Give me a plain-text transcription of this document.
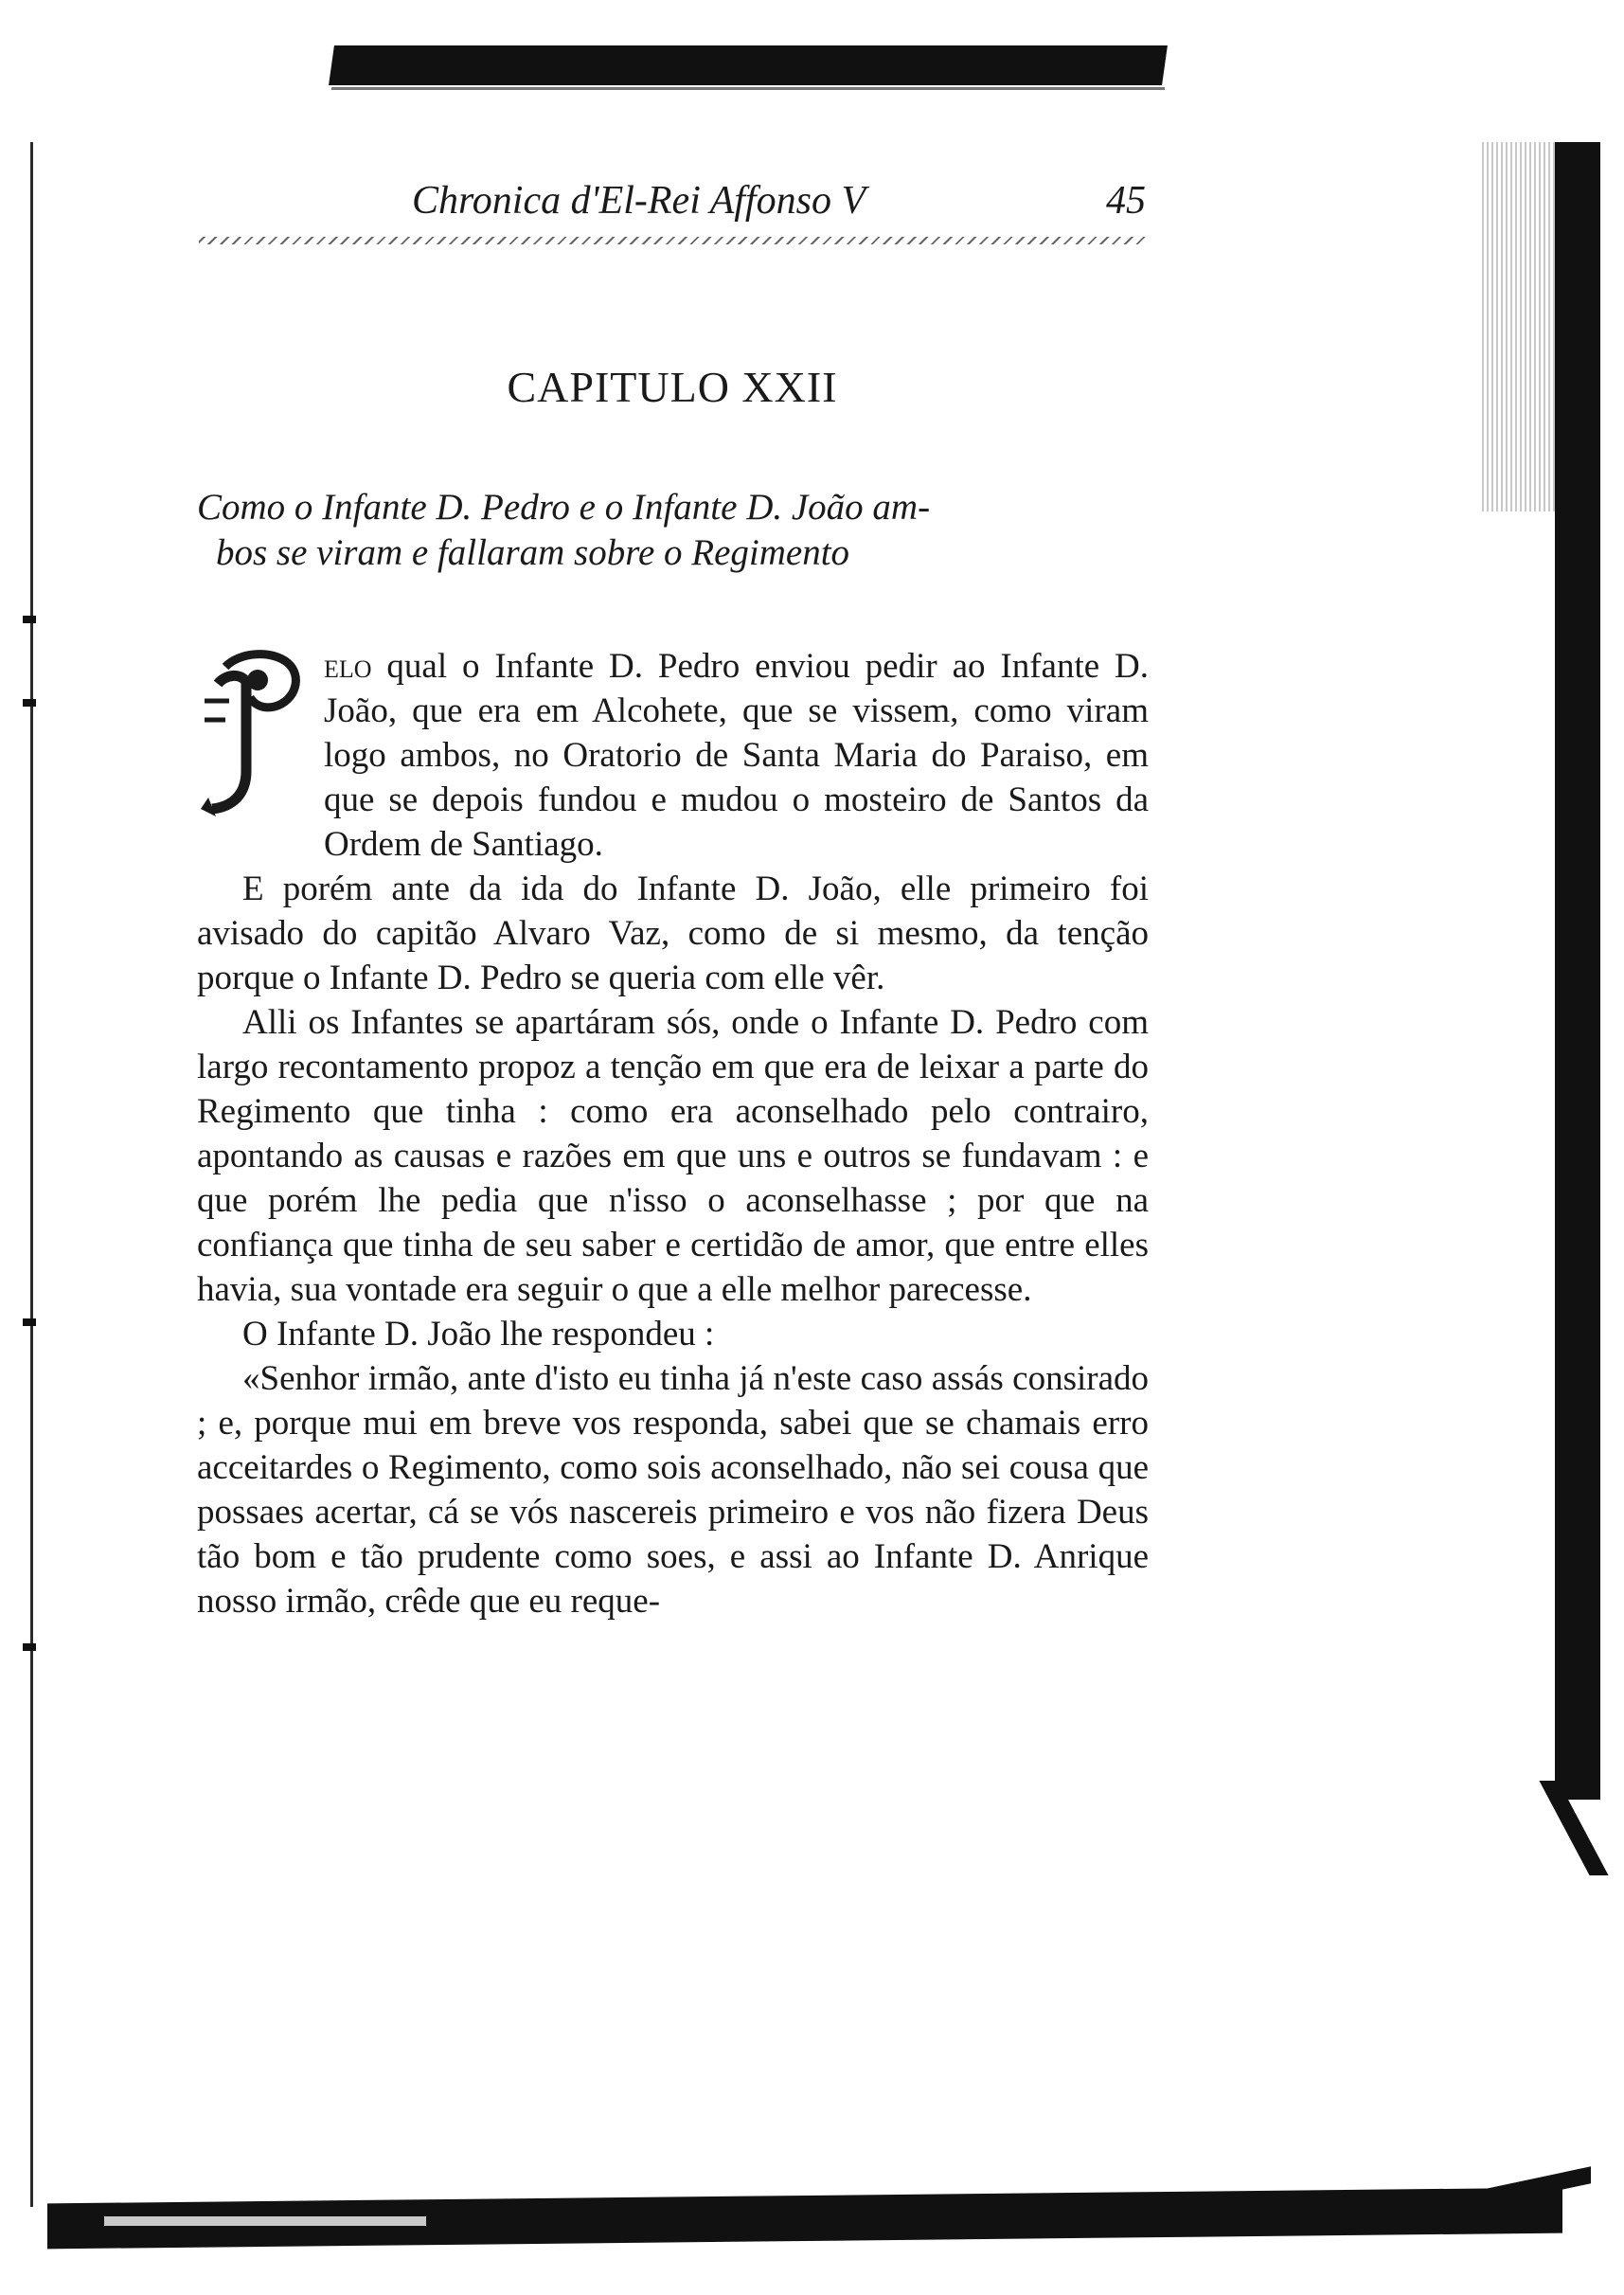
Chronica d'El-Rei Affonso V	45
CAPITULO XXII
Como o Infante D. Pedro e o Infante D. João am-
bos se viram e fallaram sobre o Regimento

elo qual o Infante D. Pedro enviou pedir ao Infante D. João, que era em Alcohete, que se vissem, como viram logo ambos, no Oratorio de Santa Maria do Paraiso, em que se depois fundou e mudou o mosteiro de Santos da Ordem de Santiago.

E porém ante da ida do Infante D. João, elle primeiro foi avisado do capitão Alvaro Vaz, como de si mesmo, da tenção porque o Infante D. Pedro se queria com elle vêr.

Alli os Infantes se apartáram sós, onde o Infante D. Pedro com largo recontamento propoz a tenção em que era de leixar a parte do Regimento que tinha : como era aconselhado pelo contrairo, apontando as causas e razões em que uns e outros se fundavam : e que porém lhe pedia que n'isso o aconselhasse ; por que na confiança que tinha de seu saber e certidão de amor, que entre elles havia, sua vontade era seguir o que a elle melhor parecesse.

O Infante D. João lhe respondeu :

«Senhor irmão, ante d'isto eu tinha já n'este caso assás consirado ; e, porque mui em breve vos responda, sabei que se chamais erro acceitardes o Regimento, como sois aconselhado, não sei cousa que possaes acertar, cá se vós nascereis primeiro e vos não fizera Deus tão bom e tão prudente como soes, e assi ao Infante D. Anrique nosso irmão, crêde que eu reque-
